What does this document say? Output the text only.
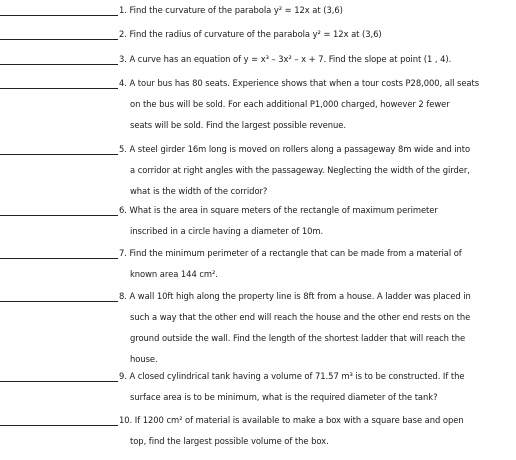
1. Find the curvature of the parabola y² = 12x at (3,6)
2. Find the radius of curvature of the parabola y² = 12x at (3,6)
3. A curve has an equation of y = x³ – 3x² – x + 7. Find the slope at point (1 , 4).
4. A tour bus has 80 seats. Experience shows that when a tour costs P28,000, all seats
on the bus will be sold. For each additional P1,000 charged, however 2 fewer
seats will be sold. Find the largest possible revenue.
5. A steel girder 16m long is moved on rollers along a passageway 8m wide and into
a corridor at right angles with the passageway. Neglecting the width of the girder,
what is the width of the corridor?
6. What is the area in square meters of the rectangle of maximum perimeter
inscribed in a circle having a diameter of 10m.
7. Find the minimum perimeter of a rectangle that can be made from a material of
known area 144 cm².
8. A wall 10ft high along the property line is 8ft from a house. A ladder was placed in
such a way that the other end will reach the house and the other end rests on the
ground outside the wall. Find the length of the shortest ladder that will reach the
house.
9. A closed cylindrical tank having a volume of 71.57 m³ is to be constructed. If the
surface area is to be minimum, what is the required diameter of the tank?
10. If 1200 cm² of material is available to make a box with a square base and open
top, find the largest possible volume of the box.
